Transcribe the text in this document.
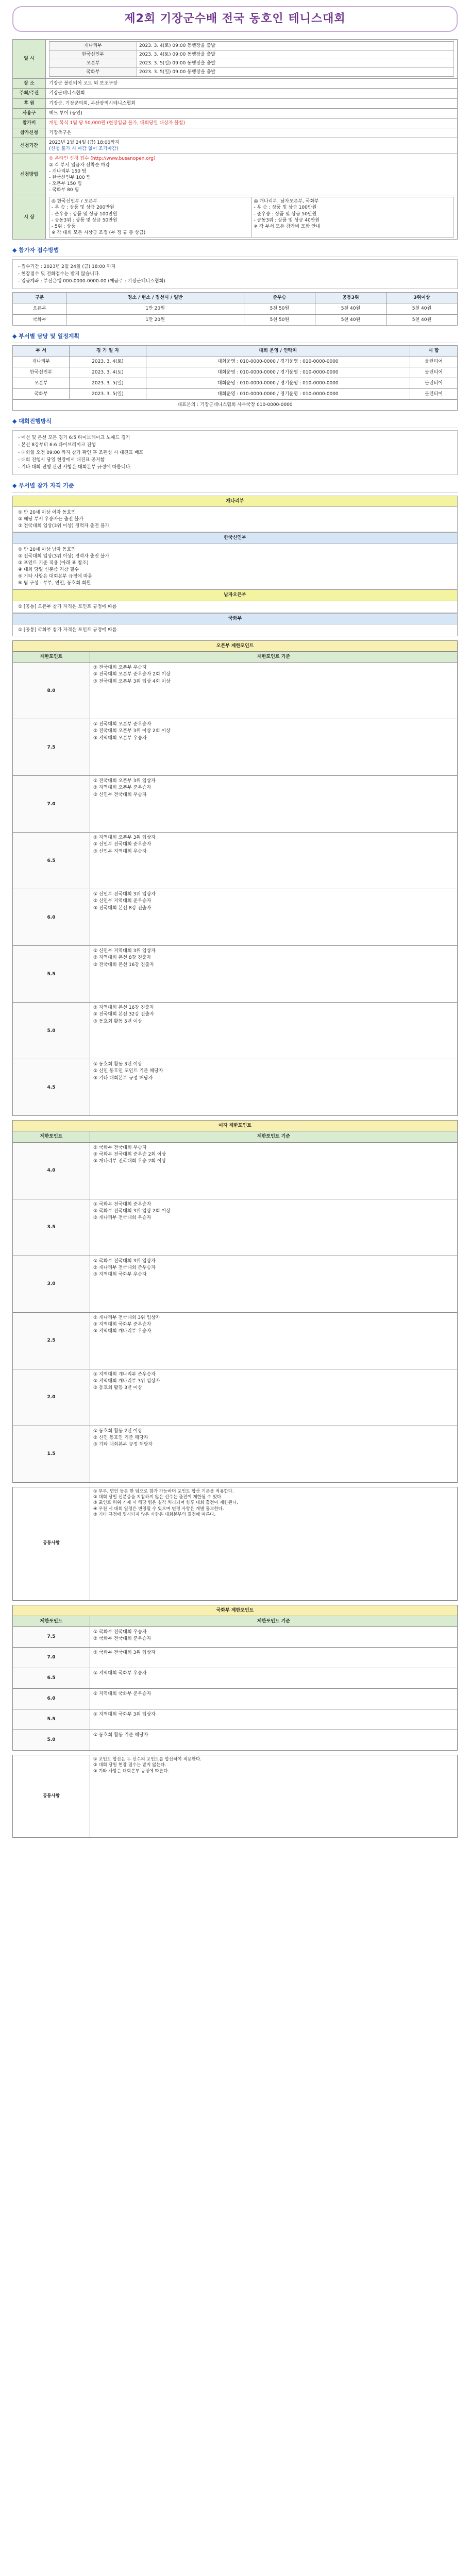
제2회 기장군수배 전국 동호인 테니스대회
일 시	
개나리부	2023. 3. 4(토) 09:00 동행장을 출발
한국신인부	2023. 3. 4(토) 09:00 동행장을 출발
오픈부	2023. 3. 5(일) 09:00 동행장을 출발
국화부	2023. 3. 5(일) 09:00 동행장을 출발

장 소	기장군 볼런티어 코트 외 보조구장
주최/주관	기장군테니스협회
후 원	기장군, 기장군의회, 부산광역시테니스협회
사용구	헤드 투어 (공인)
참가비	개인 복식 1팀 당 50,000원 (현장입금 불가, 대회당일 대상자 불참)
참가신청	기장축구은
신청기간	
2023년 2월 24일 (금) 18:00까지
(신청 불가 시 마감 없이 조기마감)

신청방법	
① 온라인 신청 접수 (http://www.busanopen.org)
② 각 부서 입금자 선착순 마감
- 개나리부 150 팀
- 한국신인부 100 팀
- 오픈부 150 팀
- 국화부 80 팀

시 상	
◎ 한국신인부 / 오픈부
- 우 승 : 상품 및 상금 200만원
- 준우승 : 상품 및 상금 100만원
- 공동3위 : 상품 및 상금 50만원
- 5위 : 상품
※ 각 대회 모든 시상금 조정 (부 정 규 총 상금)

◎ 개나리부, 남자오픈부, 국화부
- 우 승 : 상품 및 상금 100만원
- 준우승 : 상품 및 상금 50만원
- 공동3위 : 상품 및 상금 40만원
※ 각 부서 모든 참가비 포함 안내
◆ 참가자 접수방법

- 접수기간 : 2023년 2월 24일 (금) 18:00 까지

- 현장접수 및 전화접수는 받지 않습니다.

- 입금계좌 : 부산은행 000-0000-0000-00 (예금주 : 기장군테니스협회)

구분	정소 / 현소 / 접선시 / 일반	준우승	공동3위	3위이상
오픈부	1만 20원	5천 50원	5천 40원	5천 40원
국화부	1만 20원	5천 50원	5천 40원	5천 40원
◆ 부서별 담당 및 일정계획
부 서	경 기 일 자	대회 운영 / 연락처	시 합
개나리부	2023. 3. 4(토)	대회운영 : 010-0000-0000 / 경기운영 : 010-0000-0000	볼런티어
한국신인부	2023. 3. 4(토)	대회운영 : 010-0000-0000 / 경기운영 : 010-0000-0000	볼런티어
오픈부	2023. 3. 5(일)	대회운영 : 010-0000-0000 / 경기운영 : 010-0000-0000	볼런티어
국화부	2023. 3. 5(일)	대회운영 : 010-0000-0000 / 경기운영 : 010-0000-0000	볼런티어
대표문의 : 기장군테니스협회 사무국장 010-0000-0000
◆ 대회진행방식

- 예선 및 본선 모든 경기 6:5 타이브레이크 노애드 경기

- 본선 8강부터 6:6 타이브레이크 진행

- 대회일 오전 09:00 까지 참가 확인 후 조편성 시 대진표 배포

- 대회 진행시 당일 현장에서 대진표 공지함

- 기타 대회 진행 관련 사항은 대회본부 규정에 따릅니다.

◆ 부서별 참가 자격 기준
개나리부

① 만 20세 이상 여자 동호인

② 해당 부서 우승자는 출전 불가

③ 전국대회 입상(3위 이상) 경력자 출전 불가

한국신인부

① 만 20세 이상 남자 동호인

② 전국대회 입상(3위 이상) 경력자 출전 불가

③ 포인트 기준 적용 (아래 표 참조)

④ 대회 당일 신분증 지참 필수

⑤ 기타 사항은 대회본부 규정에 따름

⑥ 팀 구성 : 부부, 연인, 동호회 회원

남자오픈부

① [공통] 오픈부 참가 자격은 포인트 규정에 따름

국화부

① [공통] 국화부 참가 자격은 포인트 규정에 따름

오픈부 제한포인트	
제한포인트	제한포인트 기준
8.0	① 전국대회 오픈부 우승자

② 전국대회 오픈부 준우승자 2회 이상

③ 전국대회 오픈부 3위 입상 4회 이상

7.5	① 전국대회 오픈부 준우승자

② 전국대회 오픈부 3위 이상 2회 이상

③ 지역대회 오픈부 우승자

7.0	① 전국대회 오픈부 3위 입상자

② 지역대회 오픈부 준우승자

③ 신인부 전국대회 우승자

6.5	① 지역대회 오픈부 3위 입상자

② 신인부 전국대회 준우승자

③ 신인부 지역대회 우승자

6.0	① 신인부 전국대회 3위 입상자

② 신인부 지역대회 준우승자

③ 전국대회 본선 8강 진출자

5.5	① 신인부 지역대회 3위 입상자

② 지역대회 본선 8강 진출자

③ 전국대회 본선 16강 진출자

5.0	① 지역대회 본선 16강 진출자

② 전국대회 본선 32강 진출자

③ 동호회 활동 5년 이상

4.5	① 동호회 활동 3년 이상

② 신인 동호인 포인트 기준 해당자

③ 기타 대회본부 규정 해당자

여자 제한포인트	
제한포인트	제한포인트 기준
4.0	① 국화부 전국대회 우승자

② 국화부 전국대회 준우승 2회 이상

③ 개나리부 전국대회 우승 2회 이상

3.5	① 국화부 전국대회 준우승자

② 국화부 전국대회 3위 입상 2회 이상

③ 개나리부 전국대회 우승자

3.0	① 국화부 전국대회 3위 입상자

② 개나리부 전국대회 준우승자

③ 지역대회 국화부 우승자

2.5	① 개나리부 전국대회 3위 입상자

② 지역대회 국화부 준우승자

③ 지역대회 개나리부 우승자

2.0	① 지역대회 개나리부 준우승자

② 지역대회 개나리부 3위 입상자

③ 동호회 활동 3년 이상

1.5	① 동호회 활동 2년 이상

② 신인 동호인 기준 해당자

③ 기타 대회본부 규정 해당자

공통사항	

① 부부, 연인 등은 한 팀으로 참가 가능하며 포인트 합산 기준을 적용한다.

② 대회 당일 신분증을 지참하지 않은 선수는 출전이 제한될 수 있다.

③ 포인트 허위 기재 시 해당 팀은 실격 처리되며 향후 대회 출전이 제한된다.

④ 우천 시 대회 일정은 변경될 수 있으며 변경 사항은 개별 통보한다.

⑤ 기타 규정에 명시되지 않은 사항은 대회본부의 결정에 따른다.

국화부 제한포인트	
제한포인트	제한포인트 기준
7.5	① 국화부 전국대회 우승자

② 국화부 전국대회 준우승자

7.0	① 국화부 전국대회 3위 입상자

6.5	① 지역대회 국화부 우승자

6.0	① 지역대회 국화부 준우승자

5.5	① 지역대회 국화부 3위 입상자

5.0	① 동호회 활동 기준 해당자

공통사항	

① 포인트 합산은 두 선수의 포인트를 합산하여 적용한다.

② 대회 당일 현장 접수는 받지 않는다.

③ 기타 사항은 대회본부 규정에 따른다.
